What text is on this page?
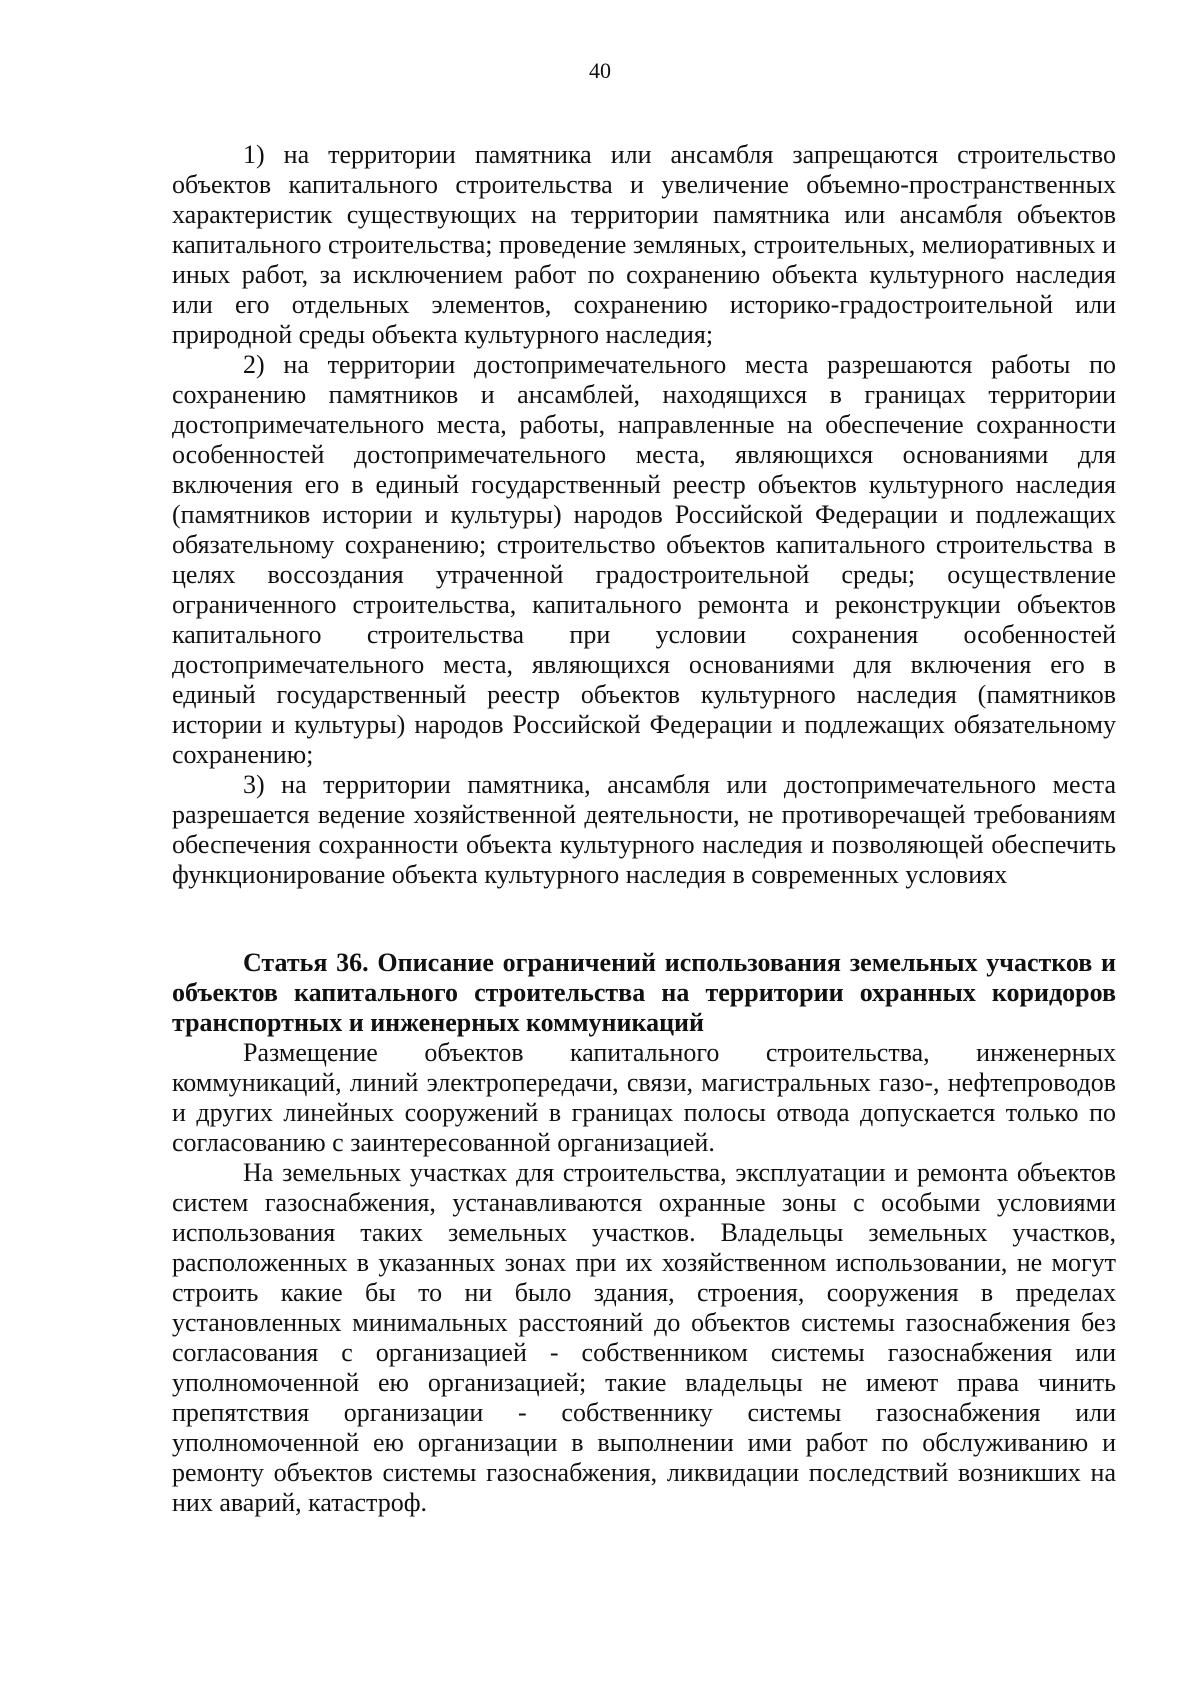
40

1) на территории памятника или ансамбля запрещаются строительство объектов капитального строительства и увеличение объемно-пространственных характеристик существующих на территории памятника или ансамбля объектов капитального строительства; проведение земляных, строительных, мелиоративных и иных работ, за исключением работ по сохранению объекта культурного наследия или его отдельных элементов, сохранению историко-градостроительной или природной среды объекта культурного наследия;

2) на территории достопримечательного места разрешаются работы по сохранению памятников и ансамблей, находящихся в границах территории достопримечательного места, работы, направленные на обеспечение сохранности особенностей достопримечательного места, являющихся основаниями для включения его в единый государственный реестр объектов культурного наследия (памятников истории и культуры) народов Российской Федерации и подлежащих обязательному сохранению; строительство объектов капитального строительства в целях воссоздания утраченной градостроительной среды; осуществление ограниченного строительства, капитального ремонта и реконструкции объектов капитального строительства при условии сохранения особенностей достопримечательного места, являющихся основаниями для включения его в единый государственный реестр объектов культурного наследия (памятников истории и культуры) народов Российской Федерации и подлежащих обязательному сохранению;

3) на территории памятника, ансамбля или достопримечательного места разрешается ведение хозяйственной деятельности, не противоречащей требованиям обеспечения сохранности объекта культурного наследия и позволяющей обеспечить функционирование объекта культурного наследия в современных условиях

Статья 36. Описание ограничений использования земельных участков и объектов капитального строительства на территории охранных коридоров транспортных и инженерных коммуникаций

Размещение объектов капитального строительства, инженерных коммуникаций, линий электропередачи, связи, магистральных газо-, нефтепроводов и других линейных сооружений в границах полосы отвода допускается только по согласованию с заинтересованной организацией.

На земельных участках для строительства, эксплуатации и ремонта объектов систем газоснабжения, устанавливаются охранные зоны с особыми условиями использования таких земельных участков. Владельцы земельных участков, расположенных в указанных зонах при их хозяйственном использовании, не могут строить какие бы то ни было здания, строения, сооружения в пределах установленных минимальных расстояний до объектов системы газоснабжения без согласования с организацией - собственником системы газоснабжения или уполномоченной ею организацией; такие владельцы не имеют права чинить препятствия организации - собственнику системы газоснабжения или уполномоченной ею организации в выполнении ими работ по обслуживанию и ремонту объектов системы газоснабжения, ликвидации последствий возникших на них аварий, катастроф.
